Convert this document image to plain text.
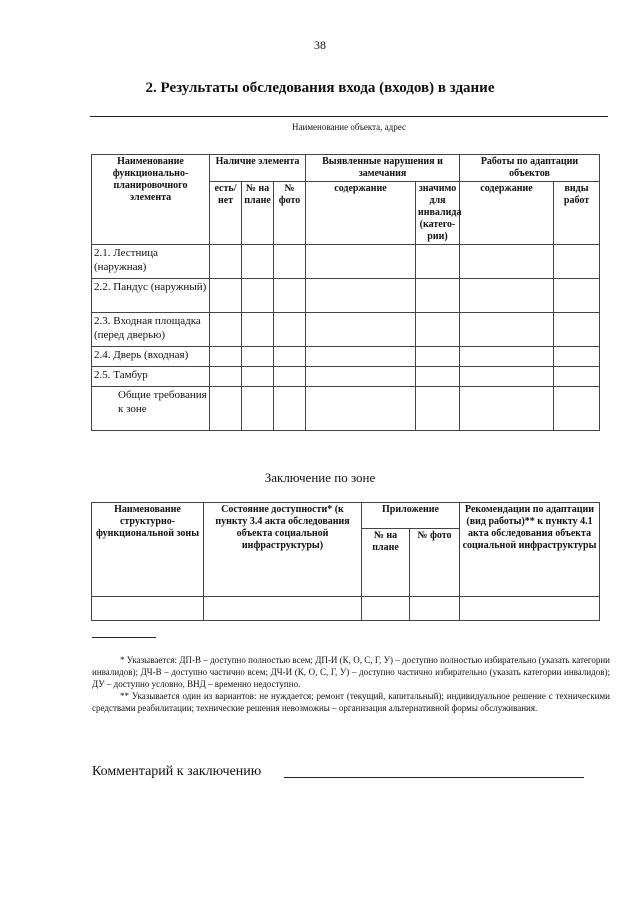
38
2. Результаты обследования входа (входов) в здание
Наименование объекта, адрес
Наименование функционально-планировочного элемента	Наличие элемента			Выявленные нарушения и замечания		Работы по адаптации объектов	
	есть/ нет	№ на плане	№ фото	содержание	значимо для инвалида (катего-рии)	содержание	виды работ
2.1. Лестница (наружная)							
2.2. Пандус (наружный)							
2.3. Входная площадка (перед дверью)							
2.4. Дверь (входная)							
2.5. Тамбур							
Общие требования к зоне							
Заключение по зоне
Наименование структурно-функциональной зоны	Состояние доступности* (к пункту 3.4 акта обследования объекта социальной инфраструктуры)	Приложение		Рекомендации по адаптации (вид работы)** к пункту 4.1 акта обследования объекта социальной инфраструктуры
		№ на плане	№ фото	

* Указывается: ДП-В – доступно полностью всем; ДП-И (К, О, С, Г, У) – доступно полностью избирательно (указать категории инвалидов); ДЧ-В – доступно частично всем; ДЧ-И (К, О, С, Г, У) – доступно частично избирательно (указать категории инвалидов); ДУ – доступно условно, ВНД – временно недоступно.

** Указывается один из вариантов: не нуждается; ремонт (текущий, капитальный); индивидуальное решение с техническими средствами реабилитации; технические решения невозможны – организация альтернативной формы обслуживания.

Комментарий к заключению
